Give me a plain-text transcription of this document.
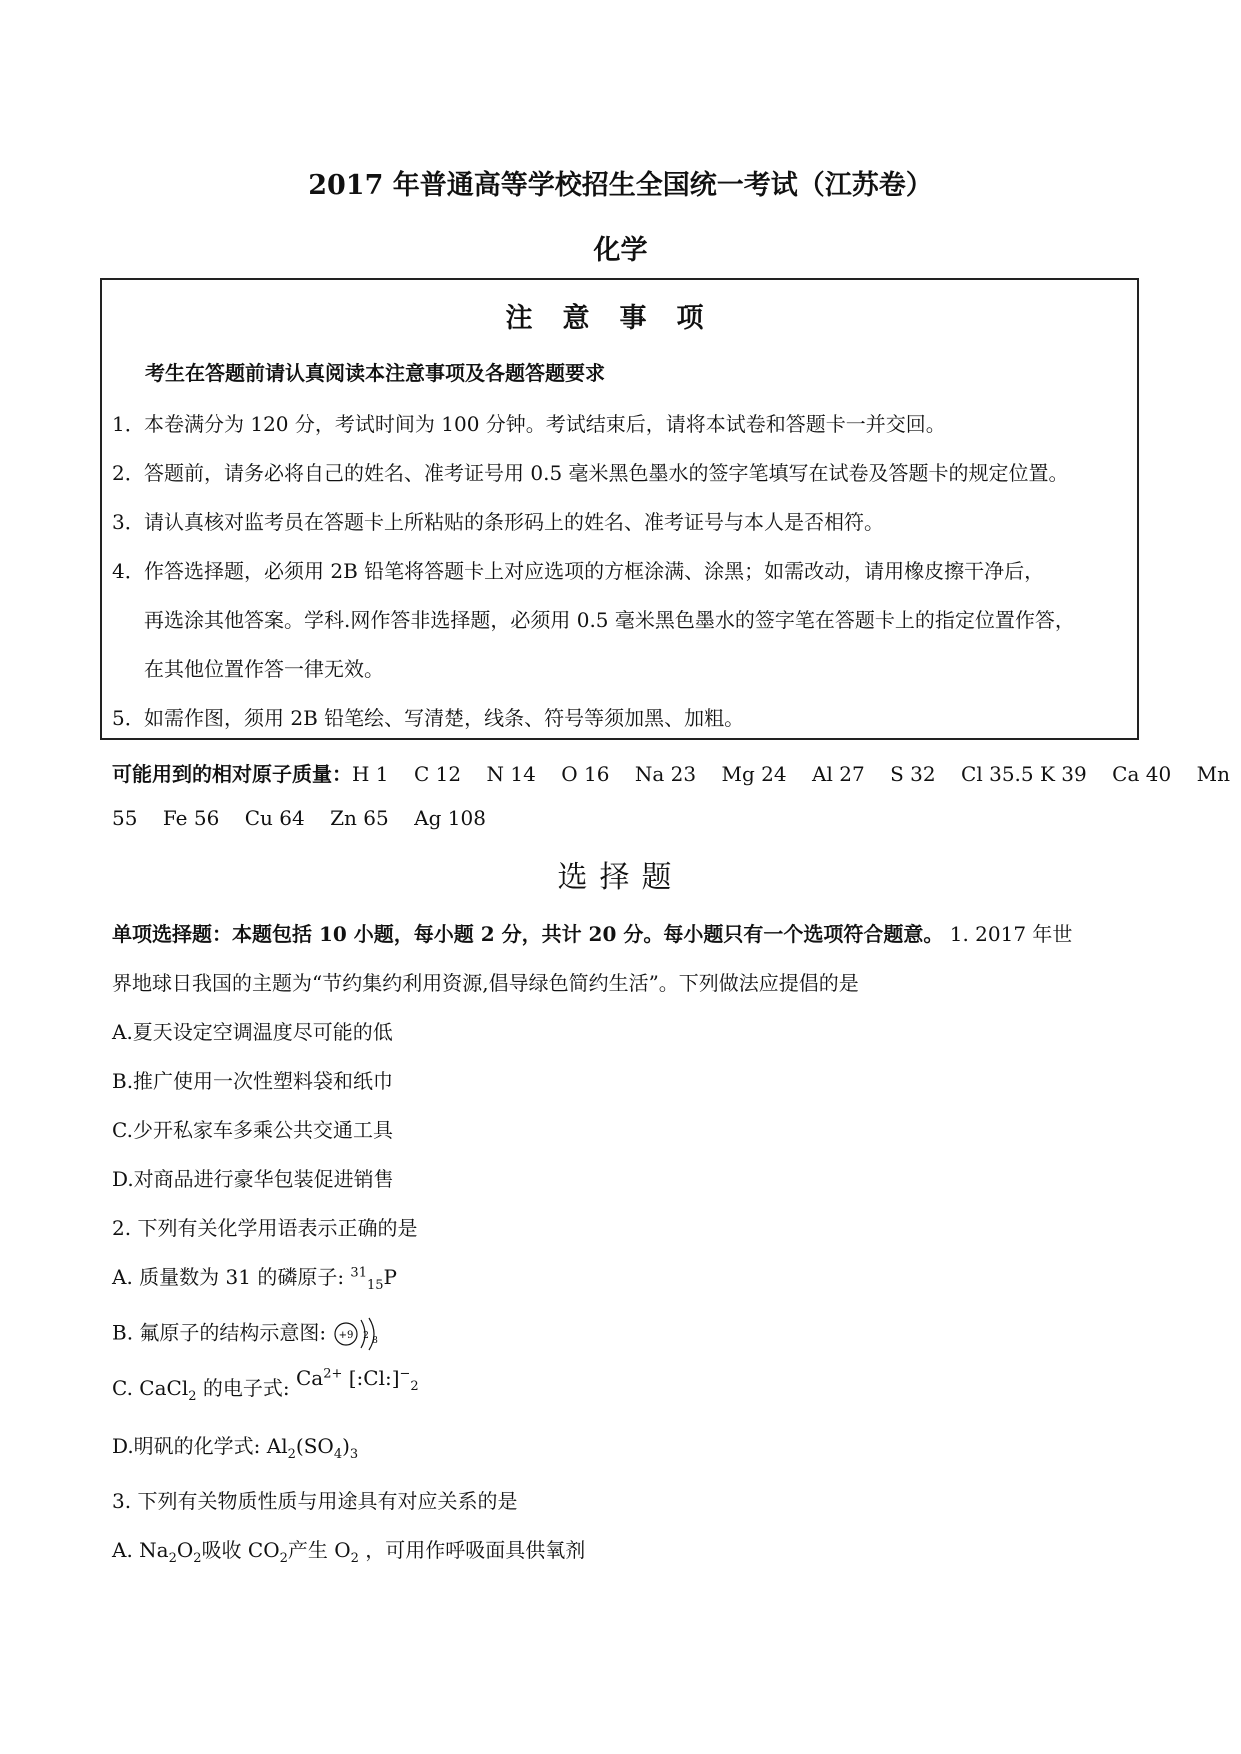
2017 年普通高等学校招生全国统一考试（江苏卷）
化学
注意事项
考生在答题前请认真阅读本注意事项及各题答题要求
1．本卷满分为 120 分，考试时间为 100 分钟。考试结束后，请将本试卷和答题卡一并交回。
2．答题前，请务必将自己的姓名、准考证号用 0.5 毫米黑色墨水的签字笔填写在试卷及答题卡的规定位置。
3．请认真核对监考员在答题卡上所粘贴的条形码上的姓名、准考证号与本人是否相符。
4．作答选择题，必须用 2B 铅笔将答题卡上对应选项的方框涂满、涂黑；如需改动，请用橡皮擦干净后，
再选涂其他答案。学科.网作答非选择题，必须用 0.5 毫米黑色墨水的签字笔在答题卡上的指定位置作答，
在其他位置作答一律无效。
5．如需作图，须用 2B 铅笔绘、写清楚，线条、符号等须加黑、加粗。
可能用到的相对原子质量：H 1    C 12    N 14    O 16    Na 23    Mg 24    Al 27    S 32    Cl 35.5 K 39    Ca 40    Mn
55    Fe 56    Cu 64    Zn 65    Ag 108
选择题
单项选择题：本题包括 10 小题，每小题 2 分，共计 20 分。每小题只有一个选项符合题意。 1. 2017 年世
界地球日我国的主题为“节约集约利用资源,倡导绿色简约生活”。下列做法应提倡的是
A.夏天设定空调温度尽可能的低
B.推广使用一次性塑料袋和纸巾
C.少开私家车多乘公共交通工具
D.对商品进行豪华包装促进销售
2. 下列有关化学用语表示正确的是
A. 质量数为 31 的磷原子: $^{31}_{15}$P
B. 氟原子的结构示意图: +9 2 8
C. CaCl$_2$ 的电子式: $Ca^{2+}$ $[:Cl:]^-_2$
D.明矾的化学式: $Al_2(SO_4)_3$
3. 下列有关物质性质与用途具有对应关系的是
A. $Na_2O_2$吸收 $CO_2$产生 $O_2$ ，可用作呼吸面具供氧剂
